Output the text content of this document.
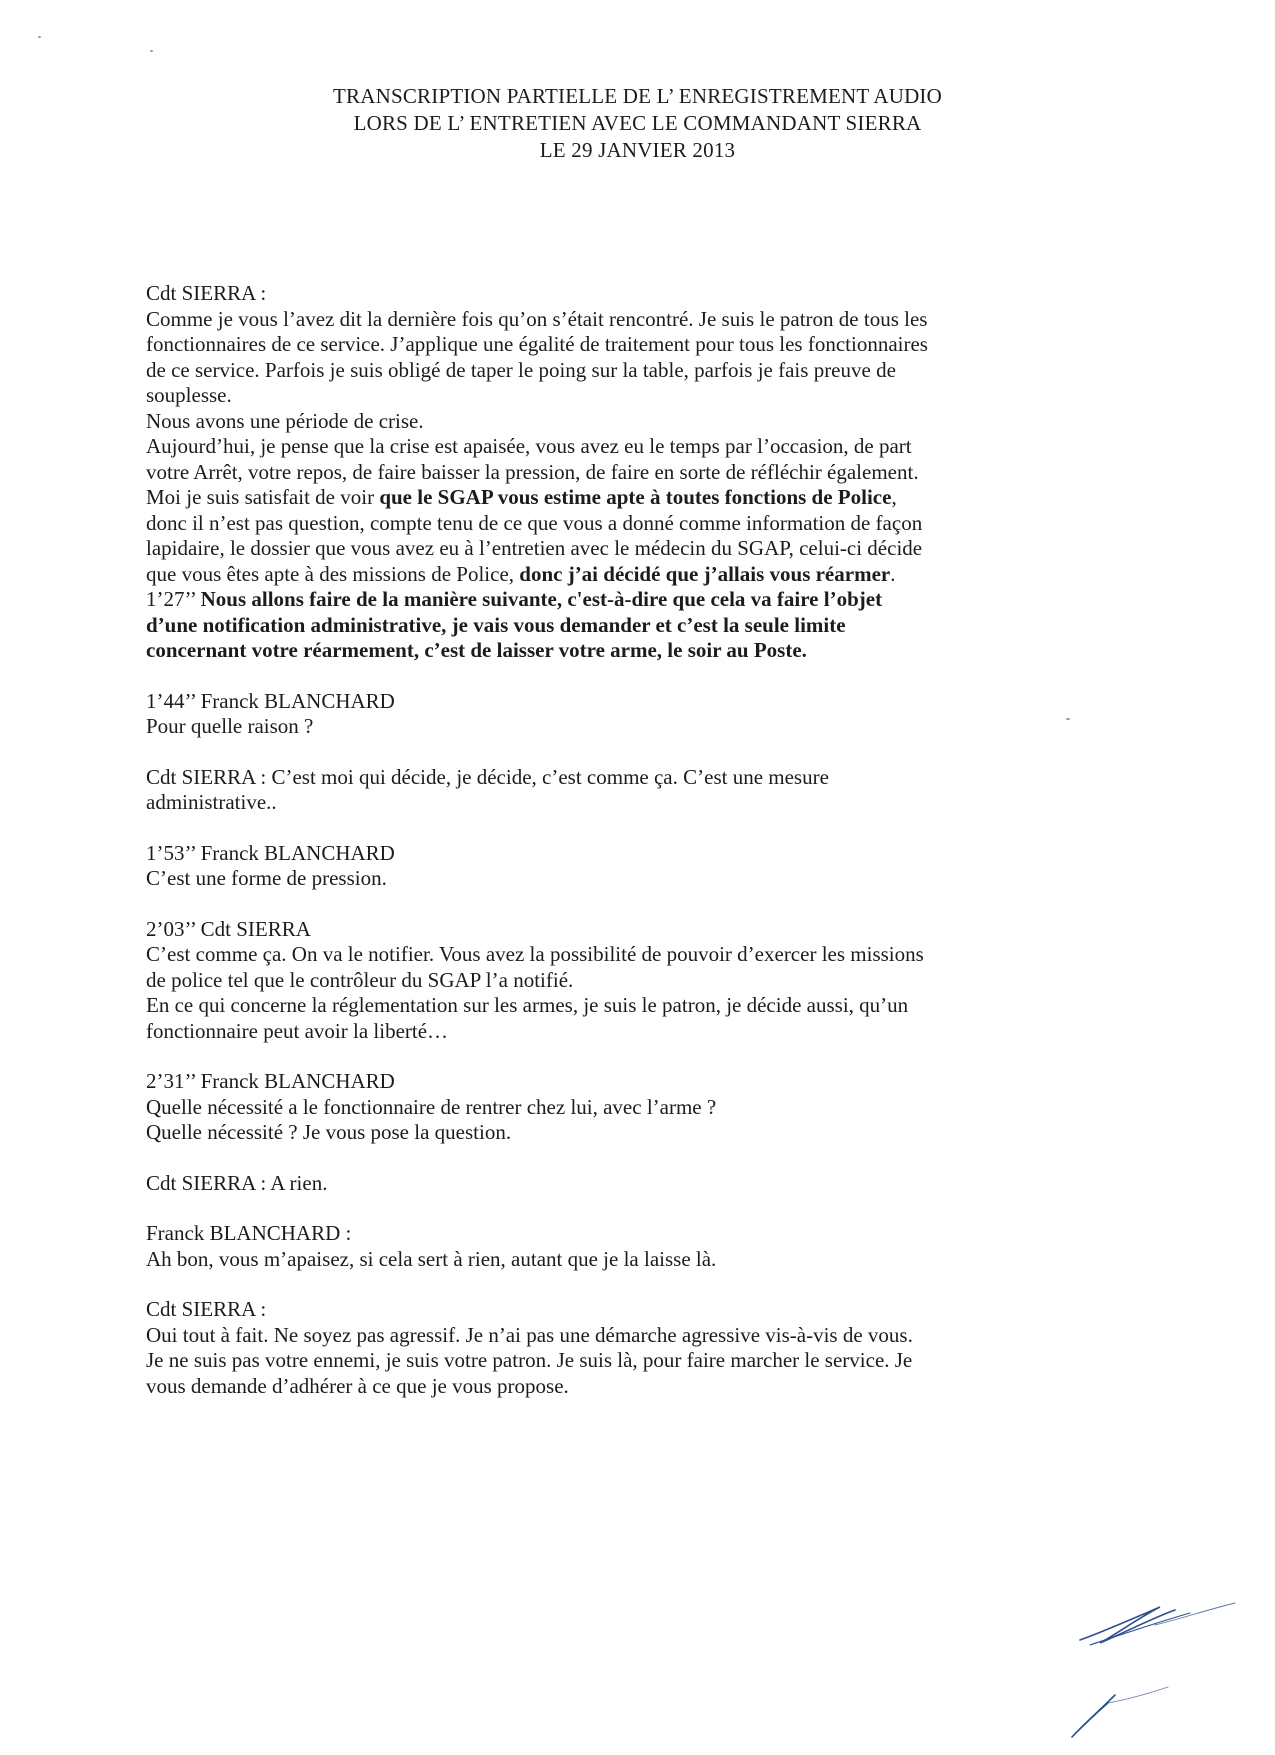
TRANSCRIPTION PARTIELLE DE L’ ENREGISTREMENT AUDIO
LORS DE L’ ENTRETIEN AVEC LE COMMANDANT SIERRA
LE 29 JANVIER 2013
Cdt SIERRA :
Comme je vous l’avez dit la dernière fois qu’on s’était rencontré. Je suis le patron de tous les
fonctionnaires de ce service. J’applique une égalité de traitement pour tous les fonctionnaires
de ce service. Parfois je suis obligé de taper le poing sur la table, parfois je fais preuve de
souplesse.
Nous avons une période de crise.
Aujourd’hui, je pense que la crise est apaisée, vous avez eu le temps par l’occasion, de part
votre Arrêt, votre repos, de faire baisser la pression, de faire en sorte de réfléchir également.
Moi je suis satisfait de voir que le SGAP vous estime apte à toutes fonctions de Police,
donc il n’est pas question, compte tenu de ce que vous a donné comme information de façon
lapidaire, le dossier que vous avez eu à l’entretien avec le médecin du SGAP, celui-ci décide
que vous êtes apte à des missions de Police, donc j’ai décidé que j’allais vous réarmer.
1’27’’ Nous allons faire de la manière suivante, c'est-à-dire que cela va faire l’objet
d’une notification administrative, je vais vous demander et c’est la seule limite
concernant votre réarmement, c’est de laisser votre arme, le soir au Poste.
1’44’’ Franck BLANCHARD
Pour quelle raison ?
Cdt SIERRA : C’est moi qui décide, je décide, c’est comme ça. C’est une mesure
administrative..
1’53’’ Franck BLANCHARD
C’est une forme de pression.
2’03’’ Cdt SIERRA
C’est comme ça. On va le notifier. Vous avez la possibilité de pouvoir d’exercer les missions
de police tel que le contrôleur du SGAP l’a notifié.
En ce qui concerne la réglementation sur les armes, je suis le patron, je décide aussi, qu’un
fonctionnaire peut avoir la liberté…
2’31’’ Franck BLANCHARD
Quelle nécessité a le fonctionnaire de rentrer chez lui, avec l’arme ?
Quelle nécessité ? Je vous pose la question.
Cdt SIERRA : A rien.
Franck BLANCHARD :
Ah bon, vous m’apaisez, si cela sert à rien, autant que je la laisse là.
Cdt SIERRA :
Oui tout à fait. Ne soyez pas agressif. Je n’ai pas une démarche agressive vis-à-vis de vous.
Je ne suis pas votre ennemi, je suis votre patron. Je suis là, pour faire marcher le service. Je
vous demande d’adhérer à ce que je vous propose.
